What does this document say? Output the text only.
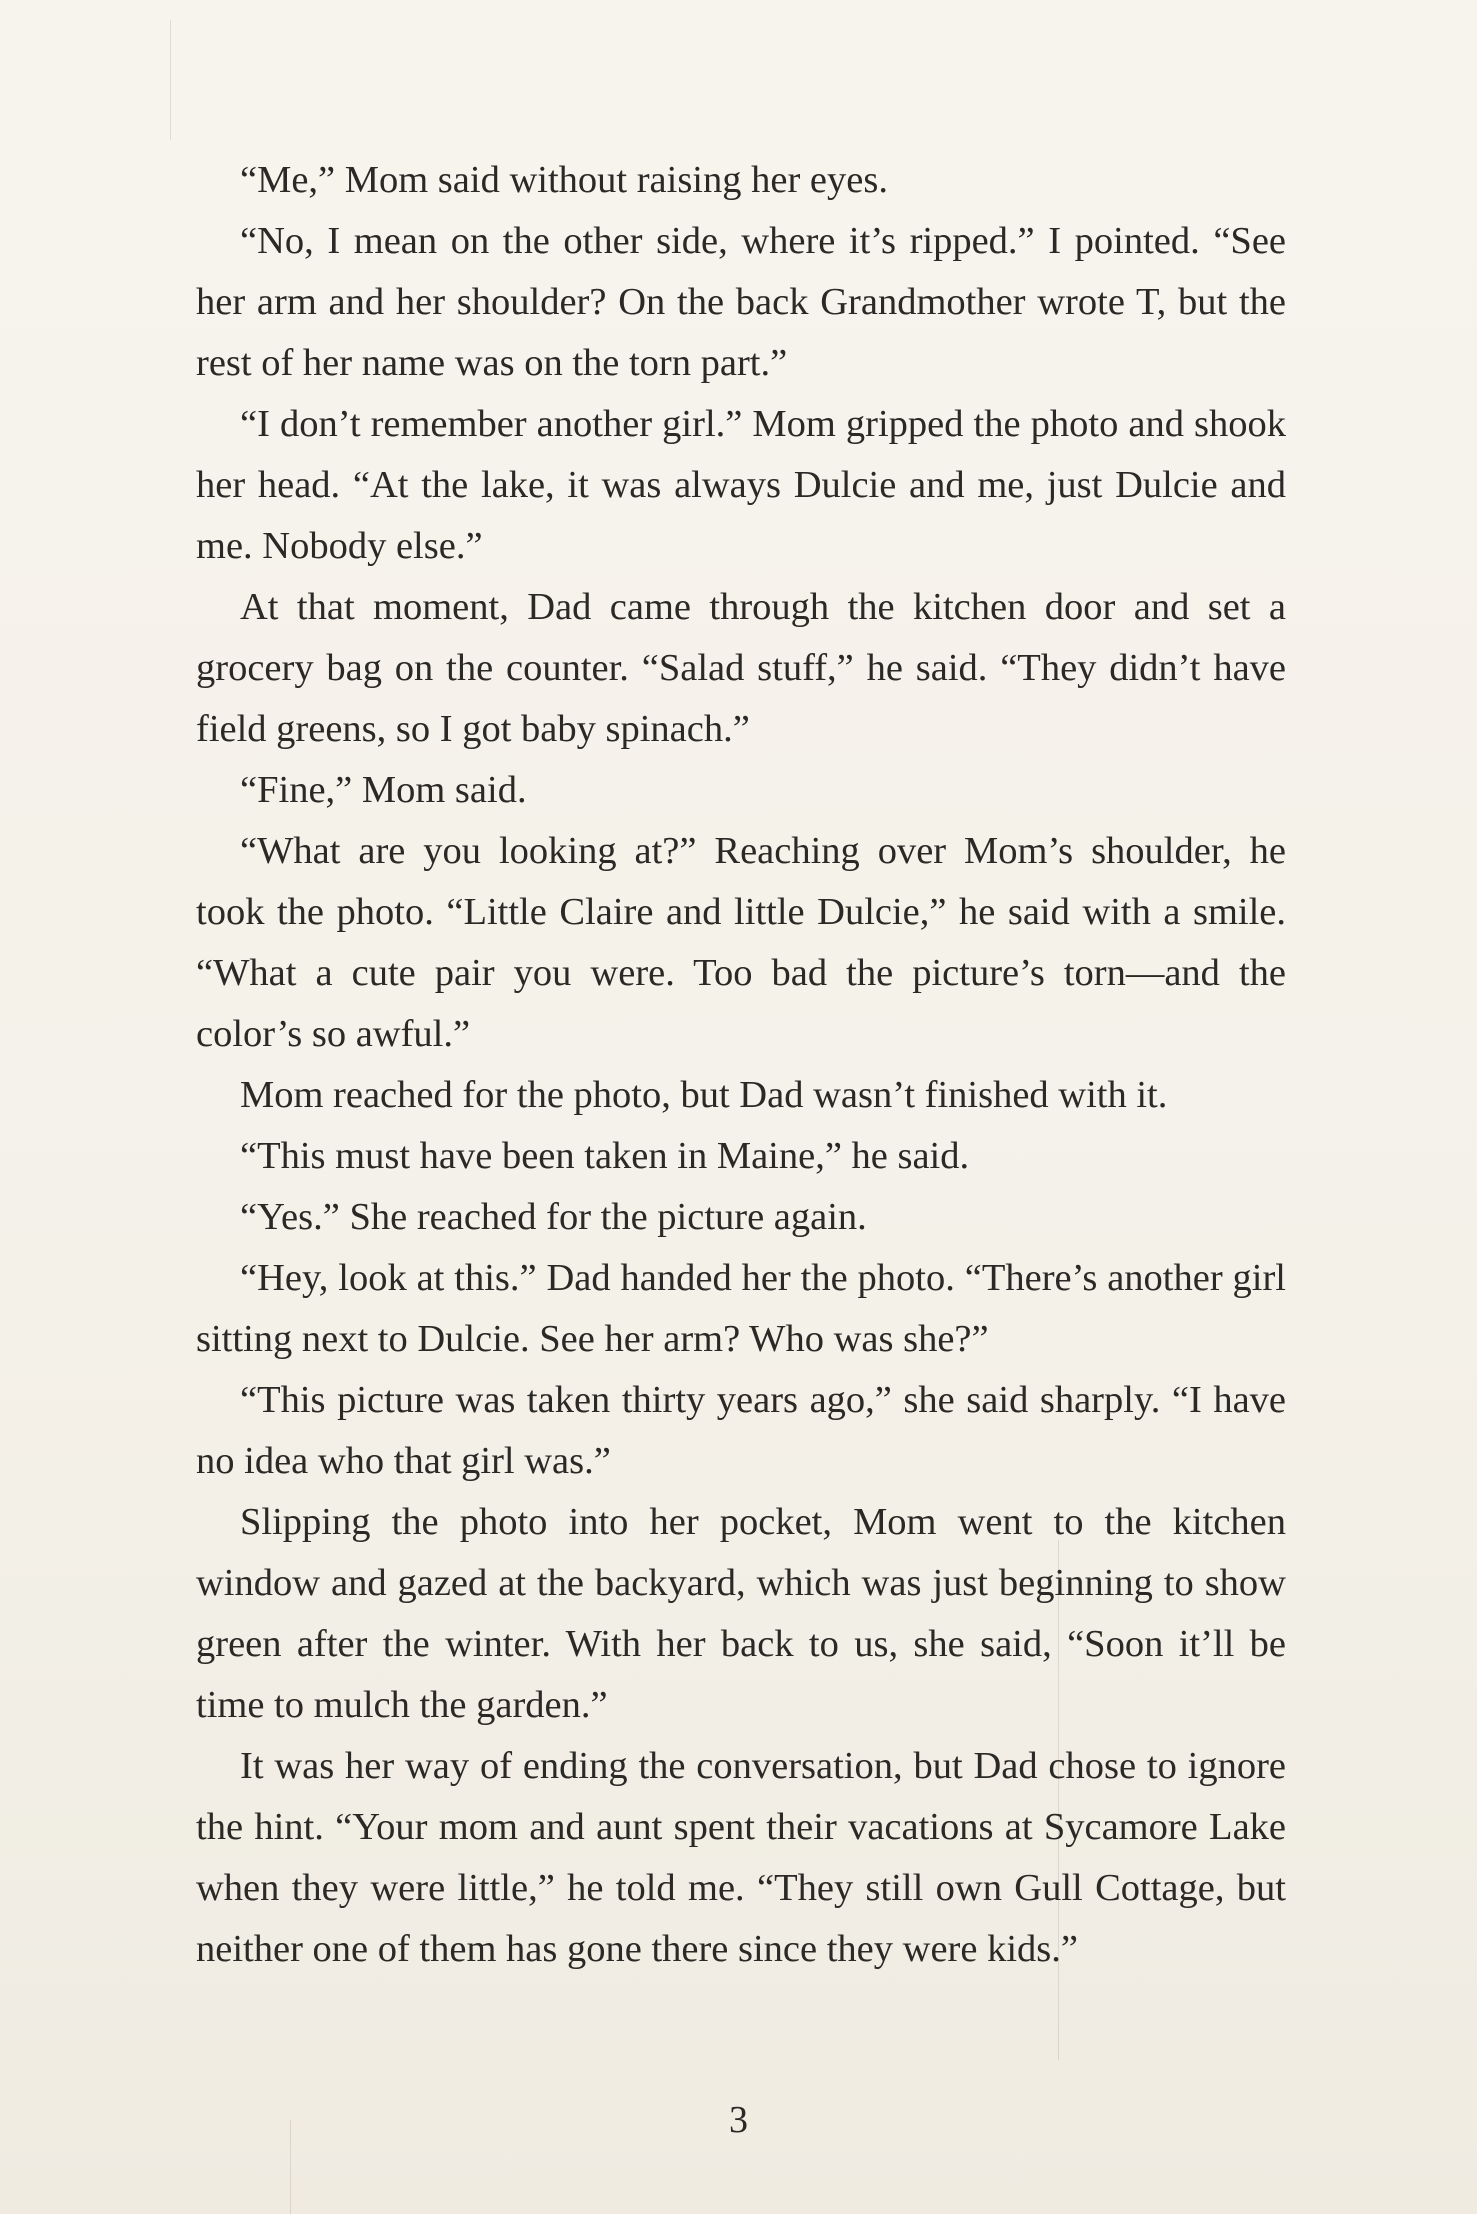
“Me,” Mom said without raising her eyes.

“No, I mean on the other side, where it’s ripped.” I pointed. “See her arm and her shoulder? On the back Grandmother wrote T, but the rest of her name was on the torn part.”

“I don’t remember another girl.” Mom gripped the photo and shook her head. “At the lake, it was always Dulcie and me, just Dulcie and me. Nobody else.”

At that moment, Dad came through the kitchen door and set a grocery bag on the counter. “Salad stuff,” he said. “They didn’t have field greens, so I got baby spinach.”

“Fine,” Mom said.

“What are you looking at?” Reaching over Mom’s shoulder, he took the photo. “Little Claire and little Dulcie,” he said with a smile. “What a cute pair you were. Too bad the picture’s torn—and the color’s so awful.”

Mom reached for the photo, but Dad wasn’t finished with it.

“This must have been taken in Maine,” he said.

“Yes.” She reached for the picture again.

“Hey, look at this.” Dad handed her the photo. “There’s another girl sitting next to Dulcie. See her arm? Who was she?”

“This picture was taken thirty years ago,” she said sharply. “I have no idea who that girl was.”

Slipping the photo into her pocket, Mom went to the kitchen window and gazed at the backyard, which was just beginning to show green after the winter. With her back to us, she said, “Soon it’ll be time to mulch the garden.”

It was her way of ending the conversation, but Dad chose to ignore the hint. “Your mom and aunt spent their vacations at Sycamore Lake when they were little,” he told me. “They still own Gull Cottage, but neither one of them has gone there since they were kids.”

3
